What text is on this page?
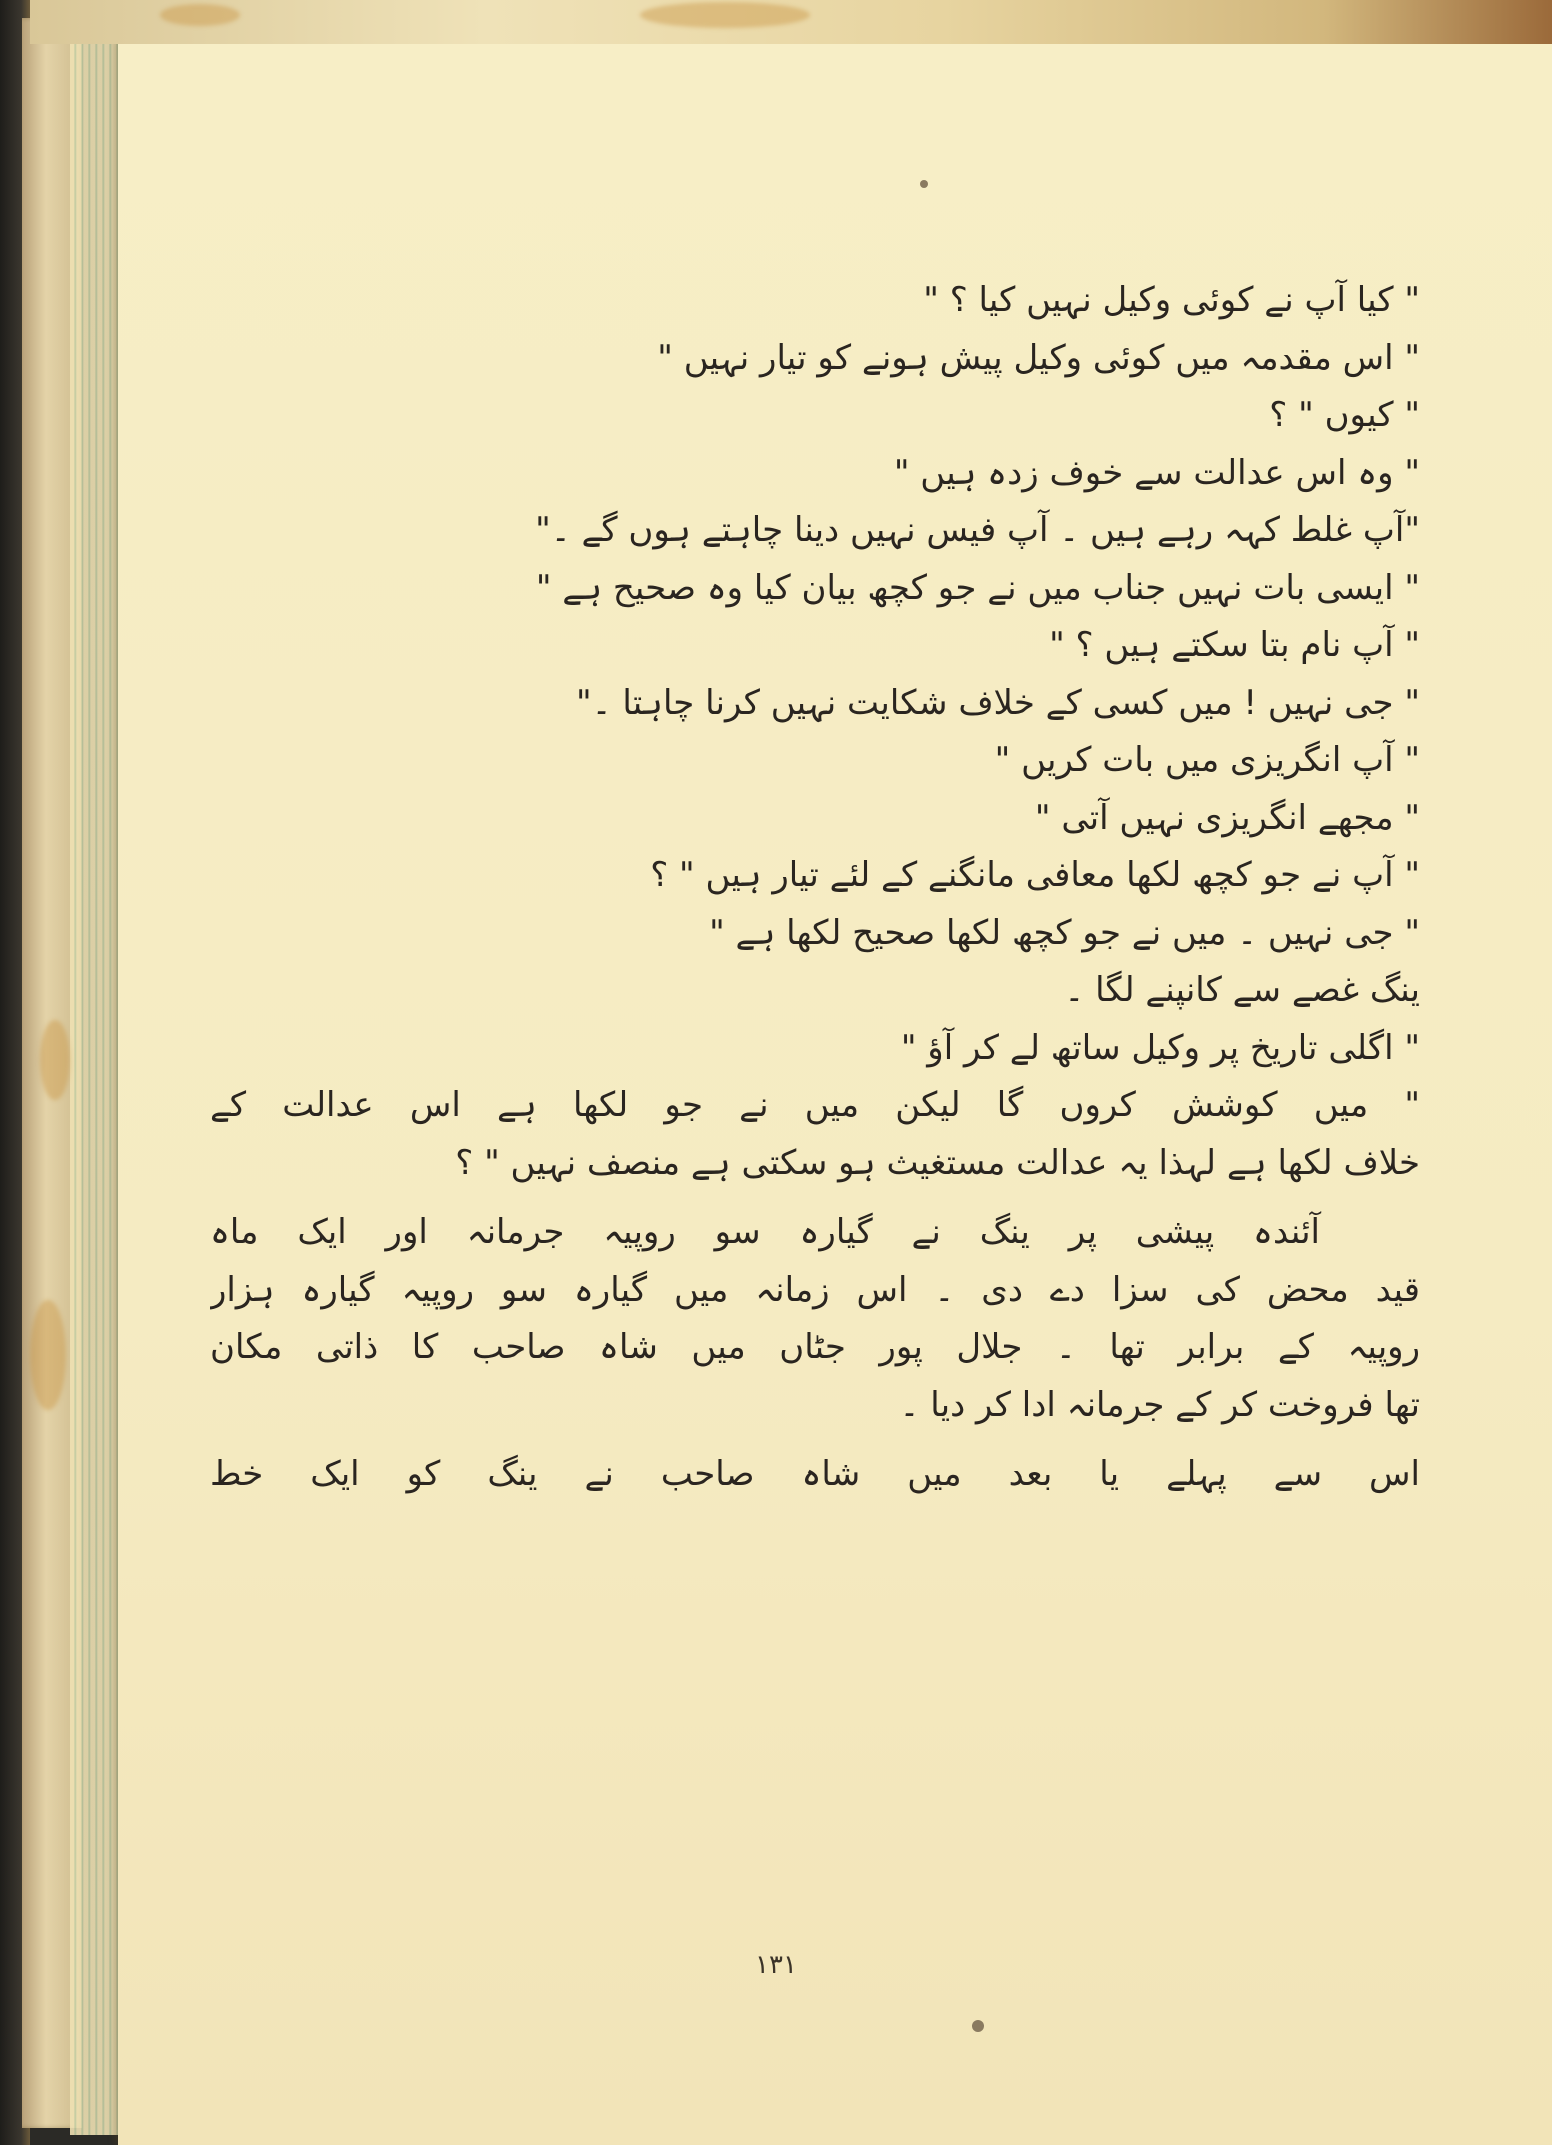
" کیا آپ نے کوئی وکیل نہیں کیا ؟ "
" اس مقدمہ میں کوئی وکیل پیش ہونے کو تیار نہیں "
" کیوں " ؟
" وہ اس عدالت سے خوف زدہ ہیں "
"آپ غلط کہہ رہے ہیں ۔ آپ فیس نہیں دینا چاہتے ہوں گے ۔"
" ایسی بات نہیں جناب میں نے جو کچھ بیان کیا وہ صحیح ہے "
" آپ نام بتا سکتے ہیں ؟ "
" جی نہیں ! میں کسی کے خلاف شکایت نہیں کرنا چاہتا ۔"
" آپ انگریزی میں بات کریں "
" مجھے انگریزی نہیں آتی "
" آپ نے جو کچھ لکھا معافی مانگنے کے لئے تیار ہیں " ؟
" جی نہیں ۔ میں نے جو کچھ لکھا صحیح لکھا ہے "
ینگ غصے سے کانپنے لگا ۔
" اگلی تاریخ پر وکیل ساتھ لے کر آؤ "
" میں کوشش کروں گا لیکن میں نے جو لکھا ہے اس عدالت کے
خلاف لکھا ہے لہذا یہ عدالت مستغیث ہو سکتی ہے منصف نہیں " ؟
آئندہ پیشی پر ینگ نے گیارہ سو روپیہ جرمانہ اور ایک ماہ
قید محض کی سزا دے دی ۔ اس زمانہ میں گیارہ سو روپیہ گیارہ ہزار
روپیہ کے برابر تھا ۔ جلال پور جٹاں میں شاہ صاحب کا ذاتی مکان
تھا فروخت کر کے جرمانہ ادا کر دیا ۔
اس سے پہلے یا بعد میں شاہ صاحب نے ینگ کو ایک خط
۱۳۱
